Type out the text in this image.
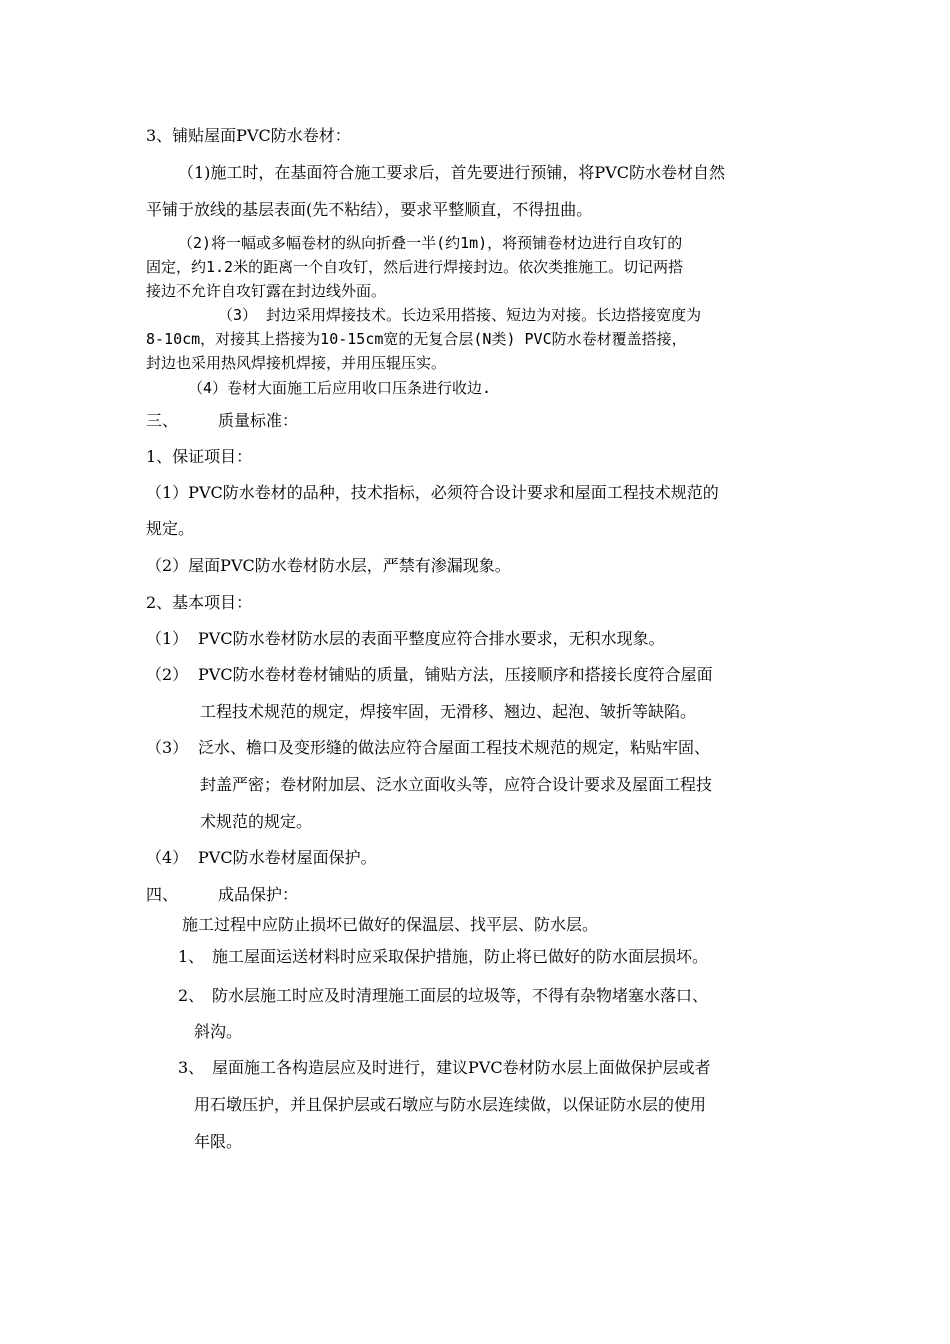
3、铺贴屋面PVC防水卷材：
（1)施工时，在基面符合施工要求后，首先要进行预铺，将PVC防水卷材自然
平铺于放线的基层表面(先不粘结），要求平整顺直，不得扭曲。
（2)将一幅或多幅卷材的纵向折叠一半(约1m)，将预铺卷材边进行自攻钉的
固定，约1.2米的距离一个自攻钉，然后进行焊接封边。依次类推施工。切记两搭
接边不允许自攻钉露在封边线外面。
（3） 封边采用焊接技术。长边采用搭接、短边为对接。长边搭接宽度为
8-10cm，对接其上搭接为10-15cm宽的无复合层(N类) PVC防水卷材覆盖搭接，
封边也采用热风焊接机焊接，并用压辊压实。
（4）卷材大面施工后应用收口压条进行收边.
三、	质量标准：
1、保证项目：
（1）PVC防水卷材的品种，技术指标，必须符合设计要求和屋面工程技术规范的
规定。
（2）屋面PVC防水卷材防水层，严禁有渗漏现象。
2、基本项目：
（1） PVC防水卷材防水层的表面平整度应符合排水要求，无积水现象。
（2） PVC防水卷材卷材铺贴的质量，铺贴方法，压接顺序和搭接长度符合屋面
工程技术规范的规定，焊接牢固，无滑移、翘边、起泡、皱折等缺陷。
（3） 泛水、檐口及变形缝的做法应符合屋面工程技术规范的规定，粘贴牢固、
封盖严密；卷材附加层、泛水立面收头等，应符合设计要求及屋面工程技
术规范的规定。
（4） PVC防水卷材屋面保护。
四、	成品保护：
施工过程中应防止损坏已做好的保温层、找平层、防水层。
1、 施工屋面运送材料时应采取保护措施，防止将已做好的防水面层损坏。
2、 防水层施工时应及时清理施工面层的垃圾等，不得有杂物堵塞水落口、
斜沟。
3、 屋面施工各构造层应及时进行，建议PVC卷材防水层上面做保护层或者
用石墩压护，并且保护层或石墩应与防水层连续做，以保证防水层的使用
年限。
